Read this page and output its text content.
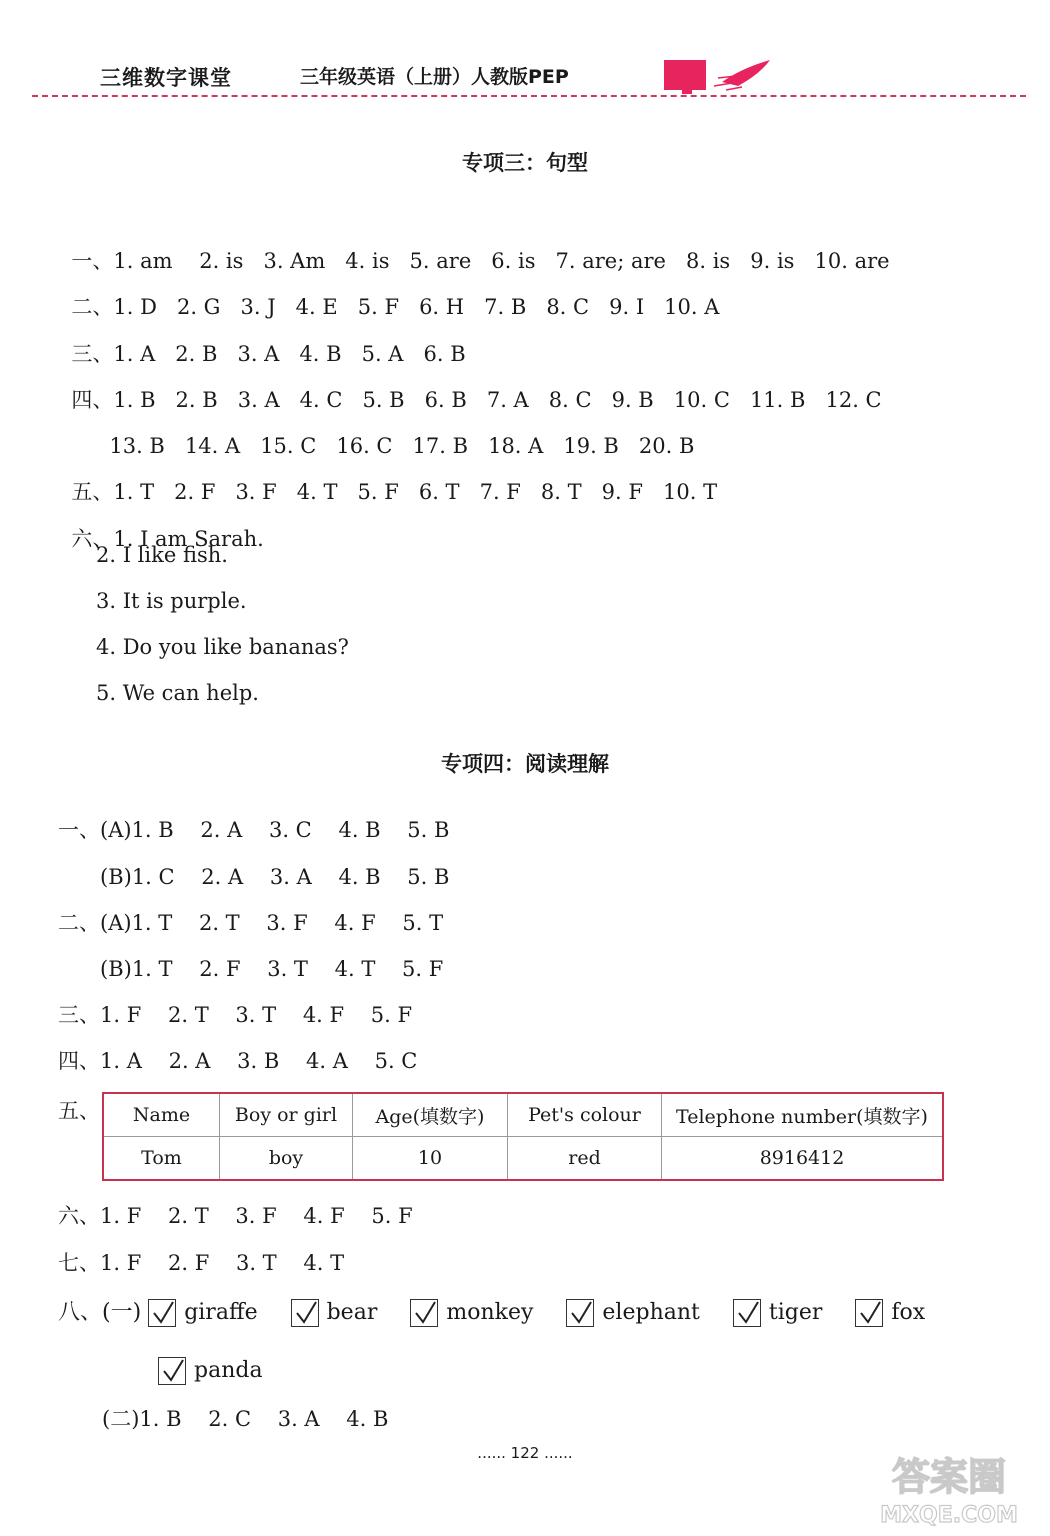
三维数字课堂	三年级英语（上册）人教版PEP
专项三：句型

一、1. am 2. is 3. Am 4. is 5. are 6. is 7. are; are 8. is 9. is 10. are

二、1. D 2. G 3. J 4. E 5. F 6. H 7. B 8. C 9. I 10. A

三、1. A 2. B 3. A 4. B 5. A 6. B

四、1. B 2. B 3. A 4. C 5. B 6. B 7. A 8. C 9. B 10. C 11. B 12. C

13. B 14. A 15. C 16. C 17. B 18. A 19. B 20. B

五、1. T 2. F 3. F 4. T 5. F 6. T 7. F 8. T 9. F 10. T

六、1. I am Sarah.

2. I like fish.
3. It is purple.
4. Do you like bananas?
5. We can help.
专项四：阅读理解
一、(A)1. B    2. A    3. C    4. B    5. B
(B)1. C    2. A    3. A    4. B    5. B
二、(A)1. T    2. T    3. F    4. F    5. T
(B)1. T    2. F    3. T    4. T    5. F
三、1. F    2. T    3. T    4. F    5. F
四、1. A    2. A    3. B    4. A    5. C
五、 Name	Boy or girl	Age(填数字)	Pet's colour	Telephone number(填数字)
Tom	boy	10	red	8916412
六、1. F    2. T    3. F    4. F    5. F
七、1. F    2. F    3. T    4. T
八、(一) giraffe	bear	monkey	elephant	tiger	fox
panda
(二)1. B    2. C    3. A    4. B
...... 122 ......
答案圈
MXQE.COM
